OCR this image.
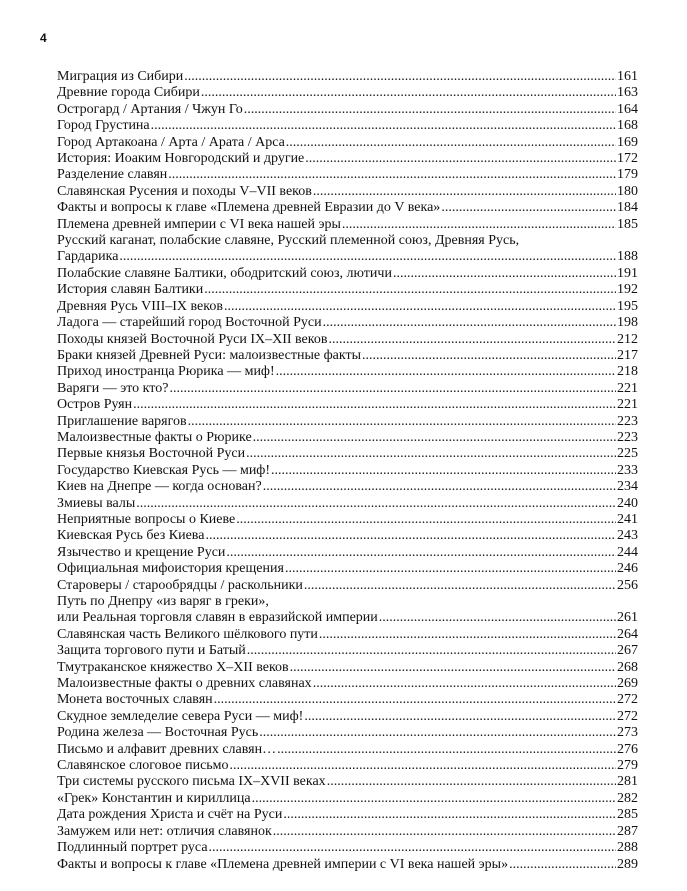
4
Миграция из Сибири .....	161
Древние города Сибири .....	163
Острогард / Артания / Чжун Го .....	164
Город Грустина .....	168
Город Артакоана / Арта / Арата / Арса .....	169
История: Иоаким Новгородский и другие .....	172
Разделение славян .....	179
Славянская Русения и походы V–VII веков .....	180
Факты и вопросы к главе «Племена древней Евразии до V века» .....	184
Племена древней империи с VI века нашей эры .....	185
Русский каганат, полабские славяне, Русский племенной союз, Древняя Русь,
Гардарика .....	188
Полабские славяне Балтики, ободритский союз, лютичи .....	191
История славян Балтики .....	192
Древняя Русь VIII–IX веков .....	195
Ладога — старейший город Восточной Руси .....	198
Походы князей Восточной Руси IX–XII веков .....	212
Браки князей Древней Руси: малоизвестные факты .....	217
Приход иностранца Рюрика — миф! .....	218
Варяги — это кто? .....	221
Остров Руян .....	221
Приглашение варягов .....	223
Малоизвестные факты о Рюрике .....	223
Первые князья Восточной Руси .....	225
Государство Киевская Русь — миф! .....	233
Киев на Днепре — когда основан? .....	234
Змиевы валы .....	240
Неприятные вопросы о Киеве .....	241
Киевская Русь без Киева .....	243
Язычество и крещение Руси .....	244
Официальная мифоистория крещения .....	246
Староверы / старообрядцы / раскольники .....	256
Путь по Днепру «из варяг в греки»,
или Реальная торговля славян в евразийской империи .....	261
Славянская часть Великого шёлкового пути .....	264
Защита торгового пути и Батый .....	267
Тмутраканское княжество X–XII веков .....	268
Малоизвестные факты о древних славянах .....	269
Монета восточных славян .....	272
Скудное земледелие севера Руси — миф! .....	272
Родина железа — Восточная Русь .....	273
Письмо и алфавит древних славян… .....	276
Славянское слоговое письмо .....	279
Три системы русского письма IX–XVII веках .....	281
«Грек» Константин и кириллица .....	282
Дата рождения Христа и счёт на Руси .....	285
Замужем или нет: отличия славянок .....	287
Подлинный портрет руса .....	288
Факты и вопросы к главе «Племена древней империи с VI века нашей эры» .....	289
